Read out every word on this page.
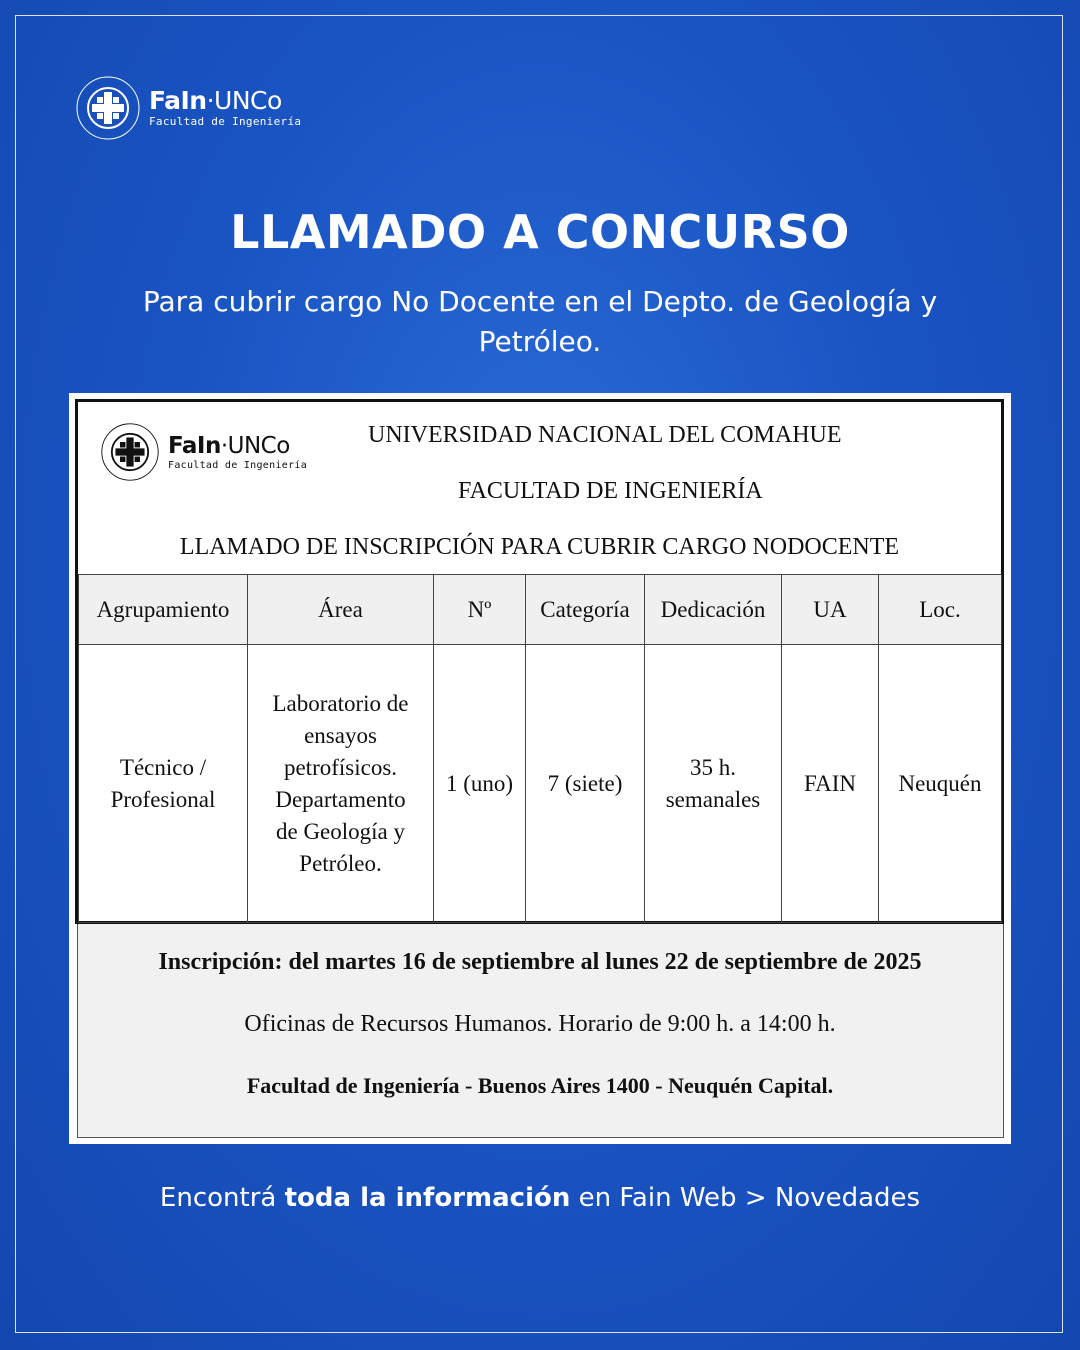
FaIn·UNCo
Facultad de Ingeniería
LLAMADO A CONCURSO
Para cubrir cargo No Docente en el Depto. de Geología y Petróleo.
FaIn·UNCo
Facultad de Ingeniería
UNIVERSIDAD NACIONAL DEL COMAHUE
FACULTAD DE INGENIERÍA
LLAMADO DE INSCRIPCIÓN PARA CUBRIR CARGO NODOCENTE
Agrupamiento	Área	Nº	Categoría	Dedicación	UA	Loc.
Técnico / Profesional	Laboratorio de ensayos petrofísicos. Departamento de Geología y Petróleo.	1 (uno)	7 (siete)	35 h. semanales	FAIN	Neuquén
Inscripción: del martes 16 de septiembre al lunes 22 de septiembre de 2025
Oficinas de Recursos Humanos. Horario de 9:00 h. a 14:00 h.
Facultad de Ingeniería - Buenos Aires 1400 - Neuquén Capital.
Encontrá toda la información en Fain Web > Novedades
